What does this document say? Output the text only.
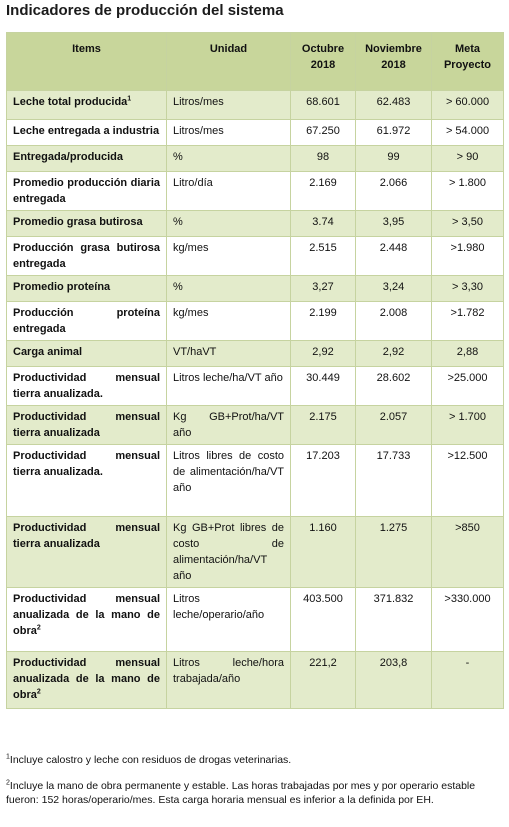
Indicadores de producción del sistema
Items	Unidad	Octubre 2018	Noviembre 2018	Meta Proyecto
Leche total producida$^1$	Litros/mes	68.601	62.483	> 60.000
Leche entregada a industria	Litros/mes	67.250	61.972	> 54.000
Entregada/producida	%	98	99	> 90
Promedio producción diaria entregada	Litro/día	2.169	2.066	> 1.800
Promedio grasa butirosa	%	3.74	3,95	> 3,50
Producción grasa butirosa entregada	kg/mes	2.515	2.448	>1.980
Promedio proteína	%	3,27	3,24	> 3,30
Producción proteína entregada	kg/mes	2.199	2.008	>1.782
Carga animal	VT/haVT	2,92	2,92	2,88
Productividad mensual tierra anualizada.	Litros leche/ha/VT año	30.449	28.602	>25.000
Productividad mensual tierra anualizada	Kg GB+Prot/ha/VT año	2.175	2.057	> 1.700
Productividad mensual tierra anualizada.	Litros libres de costo de alimentación/ha/VT año	17.203	17.733	>12.500
Productividad mensual tierra anualizada	Kg GB+Prot libres de costo de alimentación/ha/VT año	1.160	1.275	>850
Productividad mensual anualizada de la mano de obra$^2$	Litros leche/operario/año	403.500	371.832	>330.000
Productividad mensual anualizada de la mano de obra$^2$	Litros leche/hora trabajada/año	221,2	203,8	-
$^1$Incluye calostro y leche con residuos de drogas veterinarias.
$^2$Incluye la mano de obra permanente y estable. Las horas trabajadas por mes y por operario estable fueron: 152 horas/operario/mes. Esta carga horaria mensual es inferior a la definida por EH.
